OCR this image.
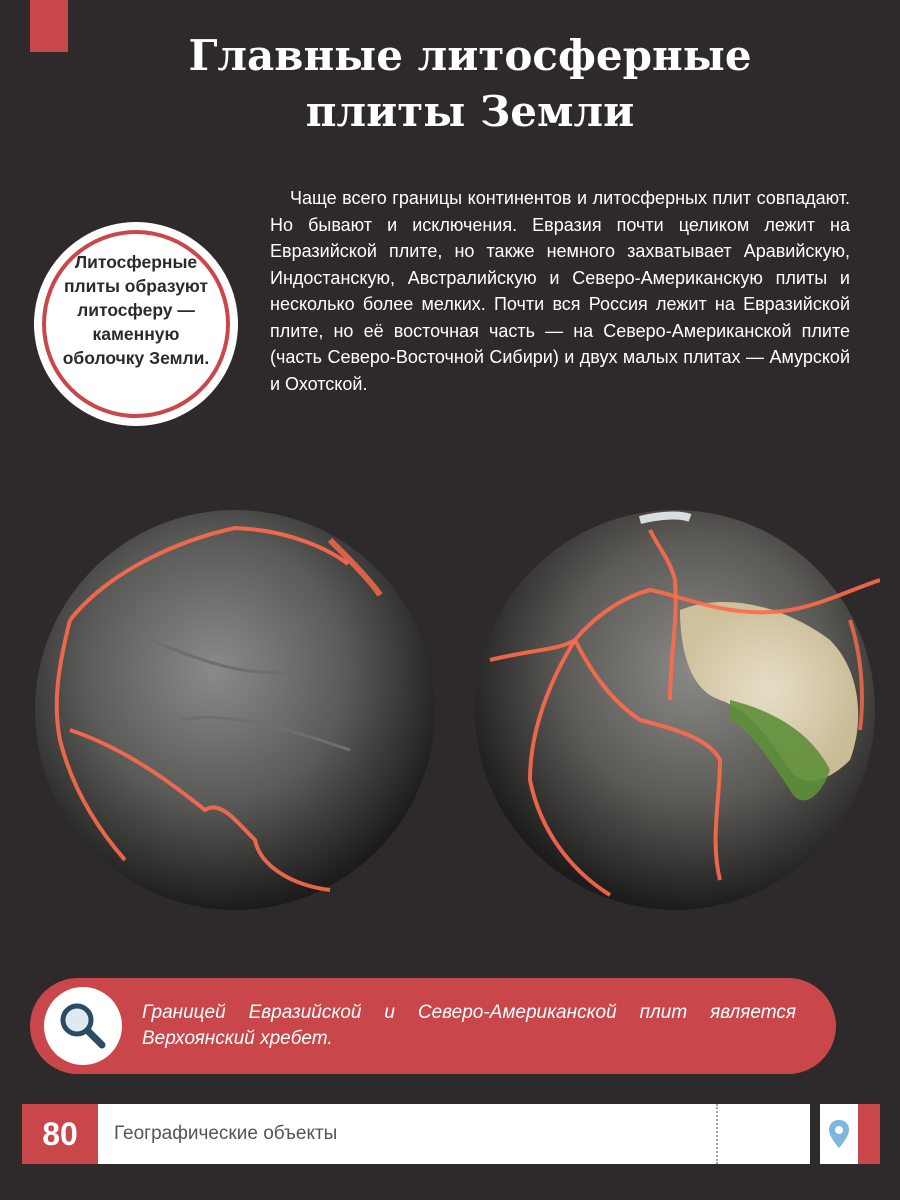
Главные литосферные плиты Земли
Литосферные плиты образуют литосферу — каменную оболочку Земли.

Чаще всего границы континентов и литосферных плит совпадают. Но бывают и исключения. Евразия почти целиком лежит на Евразийской плите, но также немного захватывает Аравийскую, Индостанскую, Австралийскую и Северо-Американскую плиты и несколько более мелких. Почти вся Россия лежит на Евразийской плите, но её восточная часть — на Северо-Американской плите (часть Северо-Восточной Сибири) и двух малых плитах — Амурской и Охотской.

Границей Евразийской и Северо-Американской плит является Верхоянский хребет.

80	Географические объекты
